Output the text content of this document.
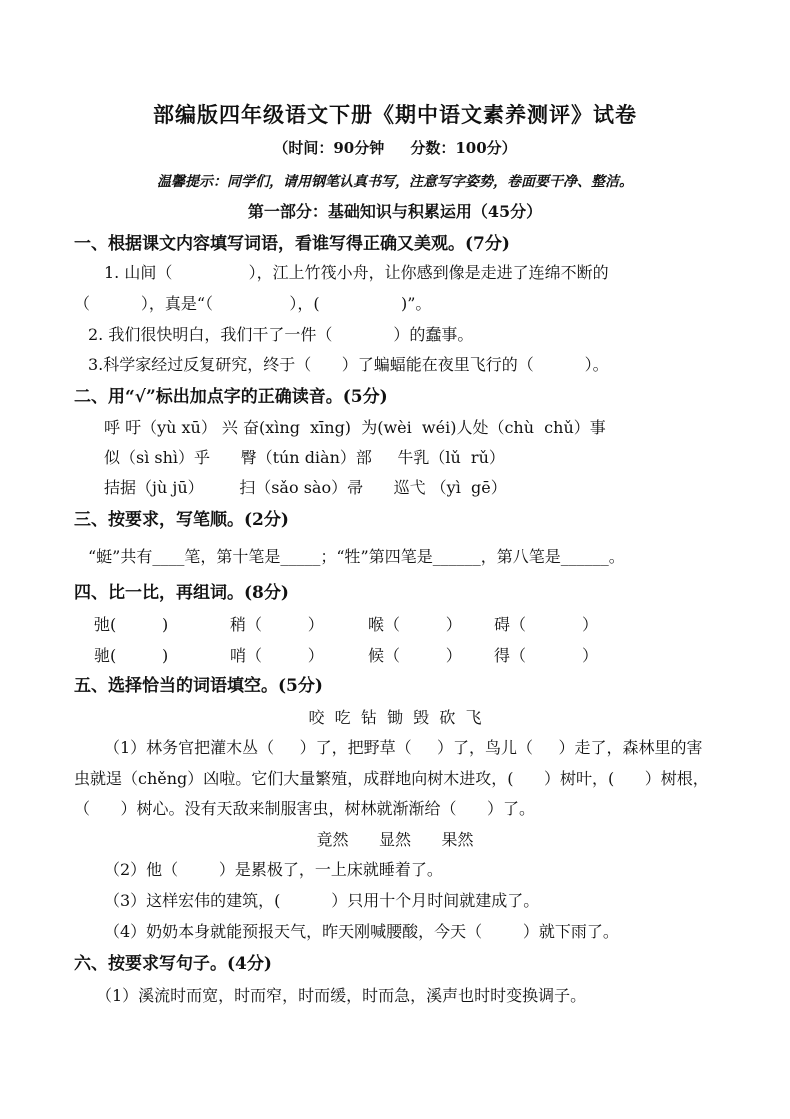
部编版四年级语文下册《期中语文素养测评》试卷
（时间：90分钟     分数：100分）
温馨提示：同学们，请用钢笔认真书写，注意写字姿势，卷面要干净、整洁。
第一部分：基础知识与积累运用（45分）
一、根据课文内容填写词语，看谁写得正确又美观。(7分)
1. 山间（               ），江上竹筏小舟，让你感到像是走进了连绵不断的
（          ），真是“（               ），(                )”。
2. 我们很快明白，我们干了一件（            ）的蠢事。
3.科学家经过反复研究，终于（      ）了蝙蝠能在夜里飞行的（          ）。
二、用“√”标出加点字的正确读音。(5分)
呼 吁（yù xū） 兴 奋(xìng  xīng)  为(wèi  wéi)人处（chù  chǔ）事
似（sì shì）乎      臀（tún diàn）部     牛乳（lǔ  rǔ）
拮据（jù jū）       扫（sǎo sào）帚      巡弋 （yì  gē）
三、按要求，写笔顺。(2分)
“蜓”共有____笔，第十笔是_____；“牲”第四笔是______，第八笔是______。
四、比一比，再组词。(8分)
弛(         )	稍（         ）	喉（         ） 碍（           ）
驰(         )	哨（         ）	候（         ） 得（           ）
五、选择恰当的词语填空。(5分)
咬  吃  钻  锄  毁  砍  飞
（1）林务官把灌木丛（     ）了，把野草（     ）了，鸟儿（     ）走了，森林里的害
虫就逞（chěng）凶啦。它们大量繁殖，成群地向树木进攻，(      ）树叶，(      ）树根，
（      ）树心。没有天敌来制服害虫，树林就渐渐给（      ）了。
竟然      显然      果然
（2）他（        ）是累极了，一上床就睡着了。
（3）这样宏伟的建筑，(          ）只用十个月时间就建成了。
（4）奶奶本身就能预报天气，昨天刚喊腰酸，今天（        ）就下雨了。
六、按要求写句子。(4分)
（1）溪流时而宽，时而窄，时而缓，时而急，溪声也时时变换调子。
